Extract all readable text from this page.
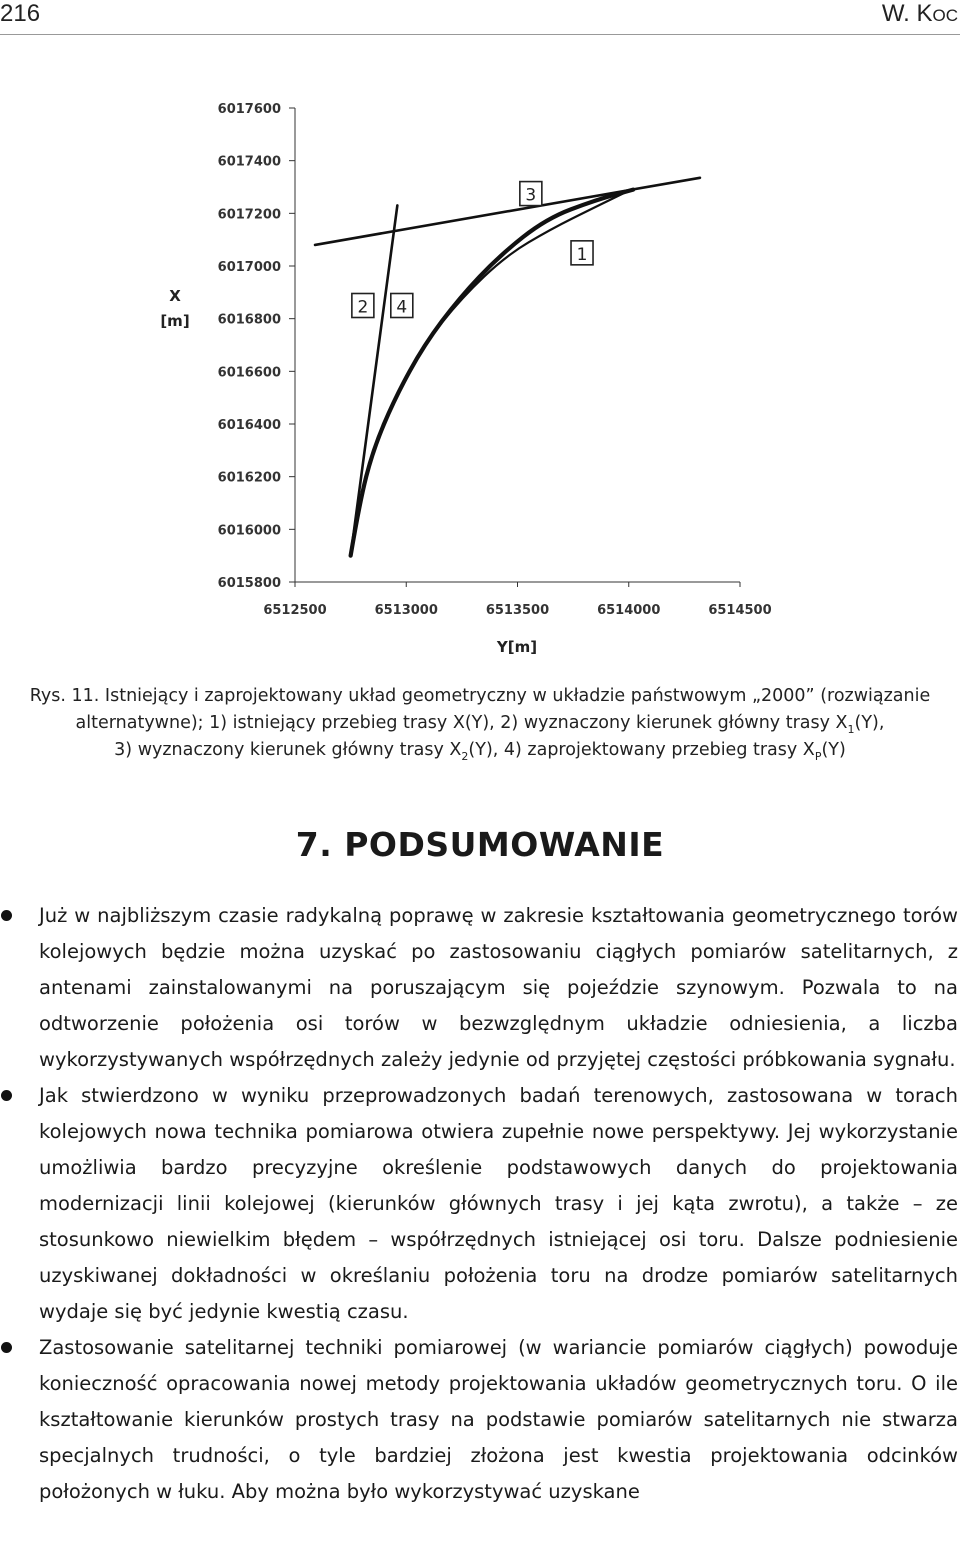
216	W. Koc
6015800
6016000
6016200
6016400
6016600
6016800
6017000
6017200
6017400
6017600
6512500	6513000	6513500	6514000	6514500
1
2
3
4
X
[m]
Y[m]

Rys. 11. Istniejący i zaprojektowany układ geometryczny w układzie państwowym „2000” (rozwiązanie

alternatywne); 1) istniejący przebieg trasy X(Y), 2) wyznaczony kierunek główny trasy $X_1(Y)$,

3) wyznaczony kierunek główny trasy $X_2(Y)$, 4) zaprojektowany przebieg trasy $X_P(Y)$

7. PODSUMOWANIE
Już w najbliższym czasie radykalną poprawę w zakresie kształtowania geometrycznego torów kolejowych będzie można uzyskać po zastosowaniu ciągłych pomiarów satelitarnych, z antenami zainstalowanymi na poruszającym się pojeździe szynowym. Pozwala to na odtworzenie położenia osi torów w bezwzględnym układzie odniesienia, a liczba wykorzystywanych współrzędnych zależy jedynie od przyjętej częstości próbkowania sygnału.
Jak stwierdzono w wyniku przeprowadzonych badań terenowych, zastosowana w torach kolejowych nowa technika pomiarowa otwiera zupełnie nowe perspektywy. Jej wykorzystanie umożliwia bardzo precyzyjne określenie podstawowych danych do projektowania modernizacji linii kolejowej (kierunków głównych trasy i jej kąta zwrotu), a także – ze stosunkowo niewielkim błędem – współrzędnych istniejącej osi toru. Dalsze podniesienie uzyskiwanej dokładności w określaniu położenia toru na drodze pomiarów satelitarnych wydaje się być jedynie kwestią czasu.
Zastosowanie satelitarnej techniki pomiarowej (w wariancie pomiarów ciągłych) powoduje konieczność opracowania nowej metody projektowania układów geometrycznych toru. O ile kształtowanie kierunków prostych trasy na podstawie pomiarów satelitarnych nie stwarza specjalnych trudności, o tyle bardziej złożona jest kwestia projektowania odcinków położonych w łuku. Aby można było wykorzystywać uzyskane
